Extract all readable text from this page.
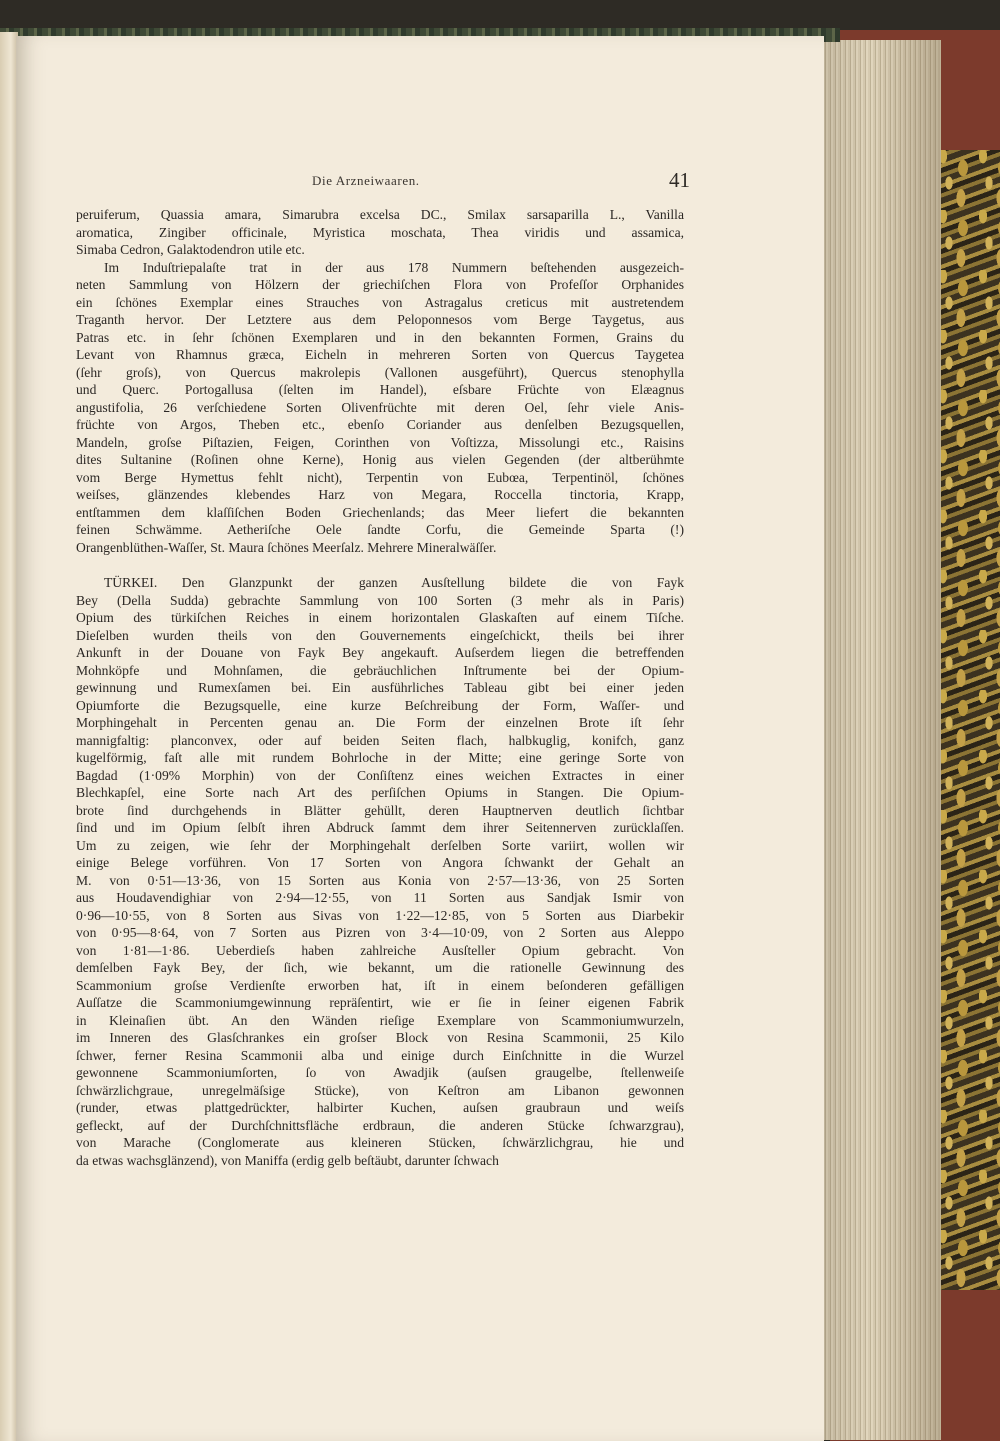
Die Arzneiwaaren.	41
peruiferum, Quassia amara, Simarubra excelsa DC., Smilax sarsaparilla L., Vanilla
aromatica, Zingiber officinale, Myristica moschata, Thea viridis und assamica,
Simaba Cedron, Galaktodendron utile etc.
Im Induſtriepalaſte trat in der aus 178 Nummern beſtehenden ausgezeich-
neten Sammlung von Hölzern der griechiſchen Flora von Profeſſor Orphanides
ein ſchönes Exemplar eines Strauches von Astragalus creticus mit austretendem
Traganth hervor. Der Letztere aus dem Peloponnesos vom Berge Taygetus, aus
Patras etc. in ſehr ſchönen Exemplaren und in den bekannten Formen, Grains du
Levant von Rhamnus græca, Eicheln in mehreren Sorten von Quercus Taygetea
(ſehr groſs), von Quercus makrolepis (Vallonen ausgeführt), Quercus stenophylla
und Querc. Portogallusa (ſelten im Handel), eſsbare Früchte von Elæagnus
angustifolia, 26 verſchiedene Sorten Olivenfrüchte mit deren Oel, ſehr viele Anis-
früchte von Argos, Theben etc., ebenſo Coriander aus denſelben Bezugsquellen,
Mandeln, groſse Piſtazien, Feigen, Corinthen von Voſtizza, Missolungi etc., Raisins
dites Sultanine (Roſinen ohne Kerne), Honig aus vielen Gegenden (der altberühmte
vom Berge Hymettus fehlt nicht), Terpentin von Eubœa, Terpentinöl, ſchönes
weiſses, glänzendes klebendes Harz von Megara, Roccella tinctoria, Krapp,
entſtammen dem klaſſiſchen Boden Griechenlands; das Meer liefert die bekannten
feinen Schwämme. Aetheriſche Oele ſandte Corfu, die Gemeinde Sparta (!)
Orangenblüthen-Waſſer, St. Maura ſchönes Meerſalz. Mehrere Mineralwäſſer.
TÜRKEI. Den Glanzpunkt der ganzen Ausſtellung bildete die von Fayk
Bey (Della Sudda) gebrachte Sammlung von 100 Sorten (3 mehr als in Paris)
Opium des türkiſchen Reiches in einem horizontalen Glaskaſten auf einem Tiſche.
Dieſelben wurden theils von den Gouvernements eingeſchickt, theils bei ihrer
Ankunft in der Douane von Fayk Bey angekauft. Auſserdem liegen die betreffenden
Mohnköpfe und Mohnſamen, die gebräuchlichen Inſtrumente bei der Opium-
gewinnung und Rumexſamen bei. Ein ausführliches Tableau gibt bei einer jeden
Opiumforte die Bezugsquelle, eine kurze Beſchreibung der Form, Waſſer- und
Morphingehalt in Percenten genau an. Die Form der einzelnen Brote iſt ſehr
mannigfaltig: planconvex, oder auf beiden Seiten flach, halbkuglig, konifch, ganz
kugelförmig, faſt alle mit rundem Bohrloche in der Mitte; eine geringe Sorte von
Bagdad (1·09% Morphin) von der Conſiſtenz eines weichen Extractes in einer
Blechkapſel, eine Sorte nach Art des perſiſchen Opiums in Stangen. Die Opium-
brote ſind durchgehends in Blätter gehüllt, deren Hauptnerven deutlich ſichtbar
ſind und im Opium ſelbſt ihren Abdruck ſammt dem ihrer Seitennerven zurücklaſſen.
Um zu zeigen, wie ſehr der Morphingehalt derſelben Sorte variirt, wollen wir
einige Belege vorführen. Von 17 Sorten von Angora ſchwankt der Gehalt an
M. von 0·51—13·36, von 15 Sorten aus Konia von 2·57—13·36, von 25 Sorten
aus Houdavendighiar von 2·94—12·55, von 11 Sorten aus Sandjak Ismir von
0·96—10·55, von 8 Sorten aus Sivas von 1·22—12·85, von 5 Sorten aus Diarbekir
von 0·95—8·64, von 7 Sorten aus Pizren von 3·4—10·09, von 2 Sorten aus Aleppo
von 1·81—1·86. Ueberdieſs haben zahlreiche Ausſteller Opium gebracht. Von
demſelben Fayk Bey, der ſich, wie bekannt, um die rationelle Gewinnung des
Scammonium groſse Verdienſte erworben hat, iſt in einem beſonderen gefälligen
Auſſatze die Scammoniumgewinnung repräſentirt, wie er ſie in ſeiner eigenen Fabrik
in Kleinaſien übt. An den Wänden rieſige Exemplare von Scammoniumwurzeln,
im Inneren des Glasſchrankes ein groſser Block von Resina Scammonii, 25 Kilo
ſchwer, ferner Resina Scammonii alba und einige durch Einſchnitte in die Wurzel
gewonnene Scammoniumſorten, ſo von Awadjik (auſsen graugelbe, ſtellenweiſe
ſchwärzlichgraue, unregelmäſsige Stücke), von Keſtron am Libanon gewonnen
(runder, etwas plattgedrückter, halbirter Kuchen, auſsen graubraun und weiſs
gefleckt, auf der Durchſchnittsfläche erdbraun, die anderen Stücke ſchwarzgrau),
von Marache (Conglomerate aus kleineren Stücken, ſchwärzlichgrau, hie und
da etwas wachsglänzend), von Maniffa (erdig gelb beſtäubt, darunter ſchwach
